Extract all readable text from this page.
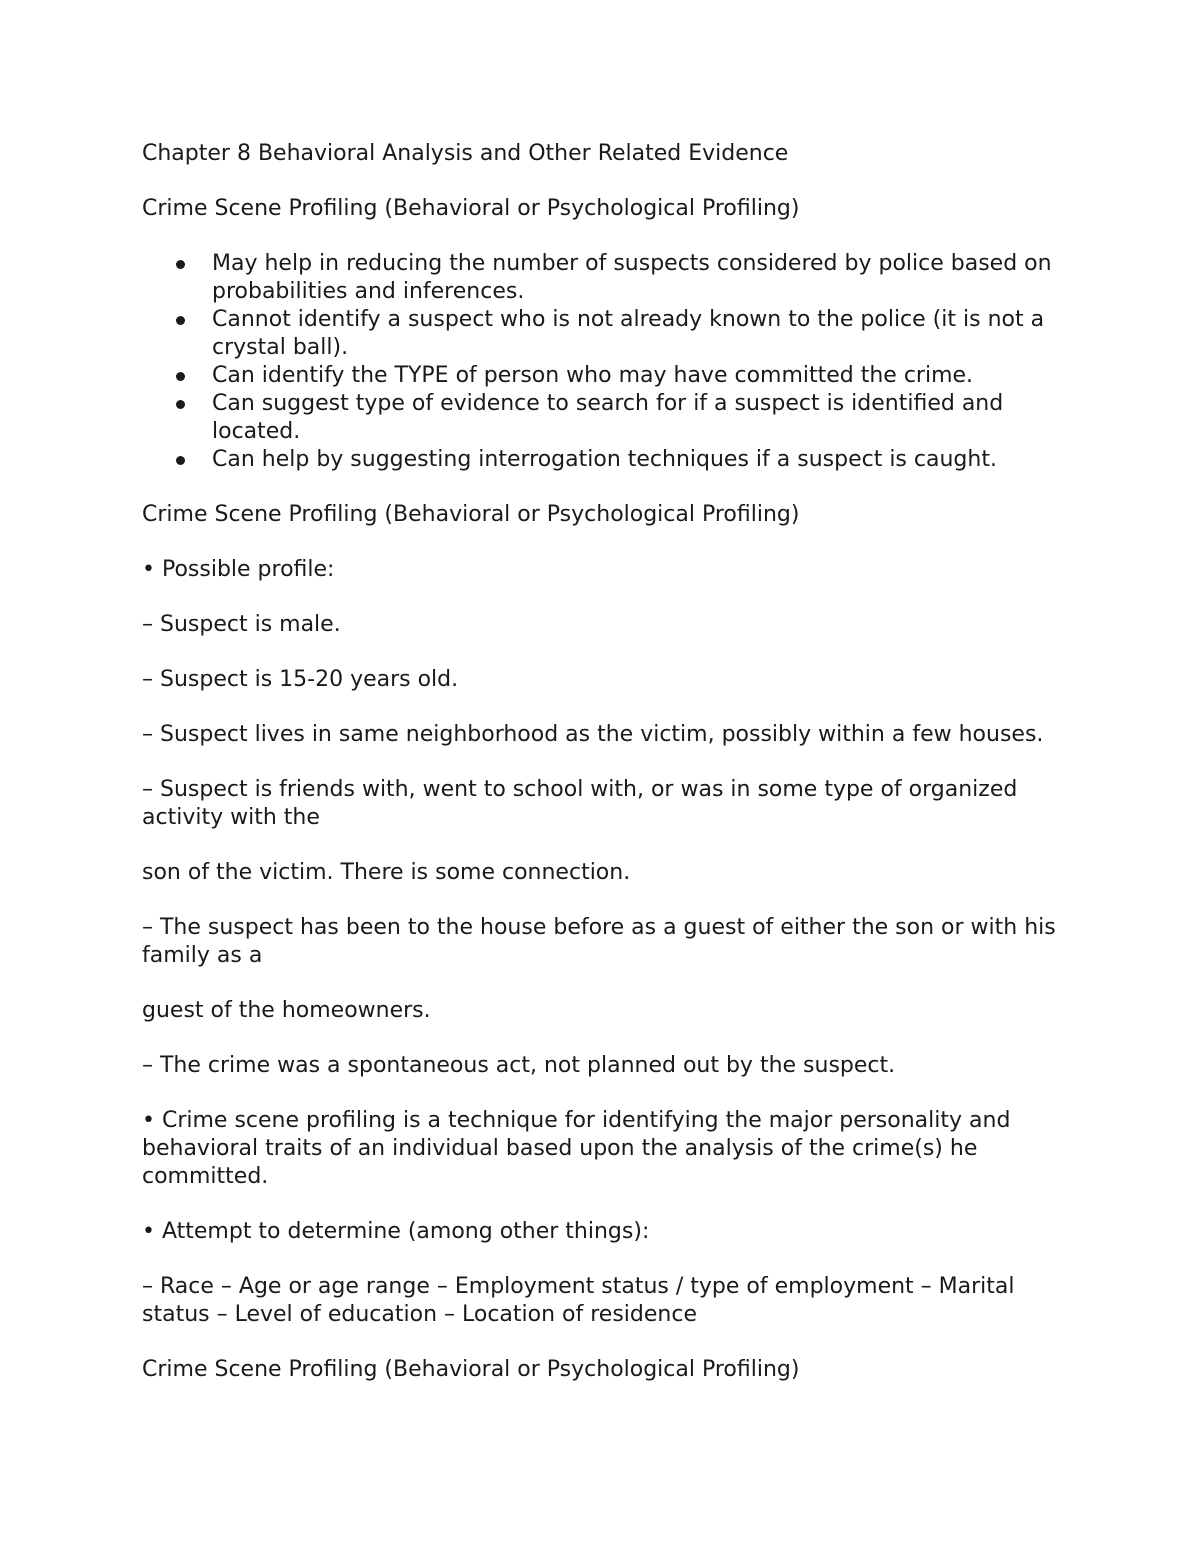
Chapter 8 Behavioral Analysis and Other Related Evidence

Crime Scene Profiling (Behavioral or Psychological Profiling)

May help in reducing the number of suspects considered by police based on probabilities and inferences.
Cannot identify a suspect who is not already known to the police (it is not a crystal ball).
Can identify the TYPE of person who may have committed the crime.
Can suggest type of evidence to search for if a suspect is identified and located.
Can help by suggesting interrogation techniques if a suspect is caught.

Crime Scene Profiling (Behavioral or Psychological Profiling)

• Possible profile:

– Suspect is male.

– Suspect is 15-20 years old.

– Suspect lives in same neighborhood as the victim, possibly within a few houses.

– Suspect is friends with, went to school with, or was in some type of organized activity with the

son of the victim. There is some connection.

– The suspect has been to the house before as a guest of either the son or with his family as a

guest of the homeowners.

– The crime was a spontaneous act, not planned out by the suspect.

• Crime scene profiling is a technique for identifying the major personality and behavioral traits of an individual based upon the analysis of the crime(s) he committed.

• Attempt to determine (among other things):

– Race – Age or age range – Employment status / type of employment – Marital status – Level of education – Location of residence

Crime Scene Profiling (Behavioral or Psychological Profiling)
